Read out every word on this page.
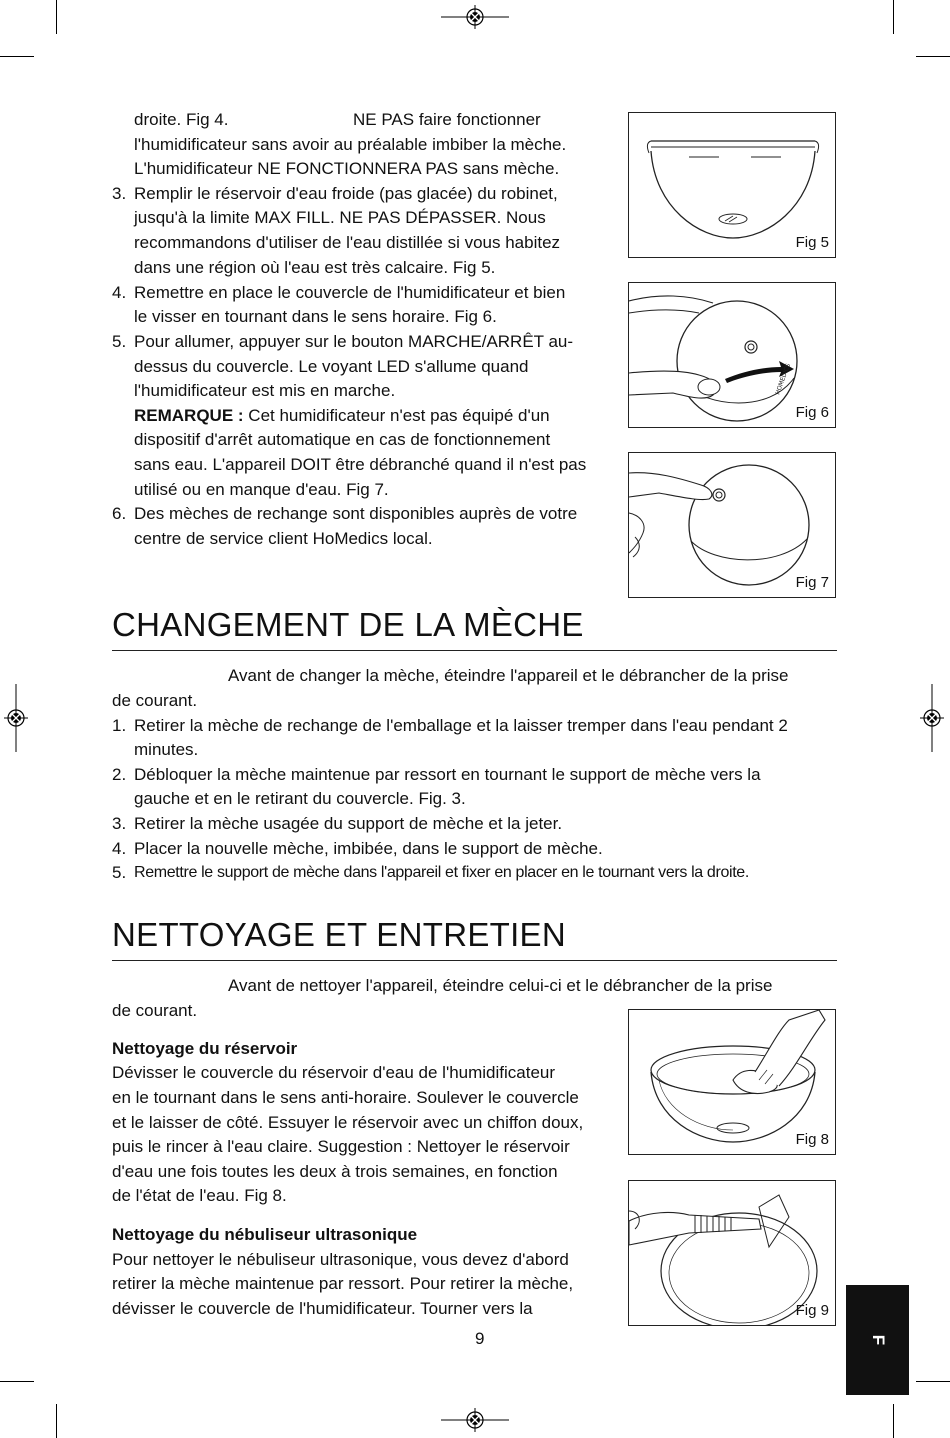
droite. Fig 4.	NE PAS faire fonctionner
l'humidificateur sans avoir au préalable imbiber la mèche.
L'humidificateur NE FONCTIONNERA PAS sans mèche.
3. Remplir le réservoir d'eau froide (pas glacée) du robinet,
jusqu'à la limite MAX FILL. NE PAS DÉPASSER. Nous
recommandons d'utiliser de l'eau distillée si vous habitez
dans une région où l'eau est très calcaire. Fig 5.
4. Remettre en place le couvercle de l'humidificateur et bien
le visser en tournant dans le sens horaire. Fig 6.
5. Pour allumer, appuyer sur le bouton MARCHE/ARRÊT au-
dessus du couvercle. Le voyant LED s'allume quand
l'humidificateur est mis en marche.
REMARQUE : Cet humidificateur n'est pas équipé d'un
dispositif d'arrêt automatique en cas de fonctionnement
sans eau. L'appareil DOIT être débranché quand il n'est pas
utilisé ou en manque d'eau. Fig 7.
6. Des mèches de rechange sont disponibles auprès de votre
centre de service client HoMedics local.
Fig 5
HOMEDICS
Fig 6
Fig 7
CHANGEMENT DE LA MÈCHE
Avant de changer la mèche, éteindre l'appareil et le débrancher de la prise
de courant.
1. Retirer la mèche de rechange de l'emballage et la laisser tremper dans l'eau pendant 2
minutes.
2. Débloquer la mèche maintenue par ressort en tournant le support de mèche vers la
gauche et en le retirant du couvercle. Fig. 3.
3. Retirer la mèche usagée du support de mèche et la jeter.
4. Placer la nouvelle mèche, imbibée, dans le support de mèche.
5. Remettre le support de mèche dans l'appareil et fixer en placer en le tournant vers la droite.
NETTOYAGE ET ENTRETIEN
Avant de nettoyer l'appareil, éteindre celui-ci et le débrancher de la prise
de courant.
Nettoyage du réservoir
Dévisser le couvercle du réservoir d'eau de l'humidificateur
en le tournant dans le sens anti-horaire. Soulever le couvercle
et le laisser de côté. Essuyer le réservoir avec un chiffon doux,
puis le rincer à l'eau claire. Suggestion : Nettoyer le réservoir
d'eau une fois toutes les deux à trois semaines, en fonction
de l'état de l'eau. Fig 8.
Nettoyage du nébuliseur ultrasonique
Pour nettoyer le nébuliseur ultrasonique, vous devez d'abord
retirer la mèche maintenue par ressort. Pour retirer la mèche,
dévisser le couvercle de l'humidificateur. Tourner vers la
Fig 8
Fig 9
9	F
